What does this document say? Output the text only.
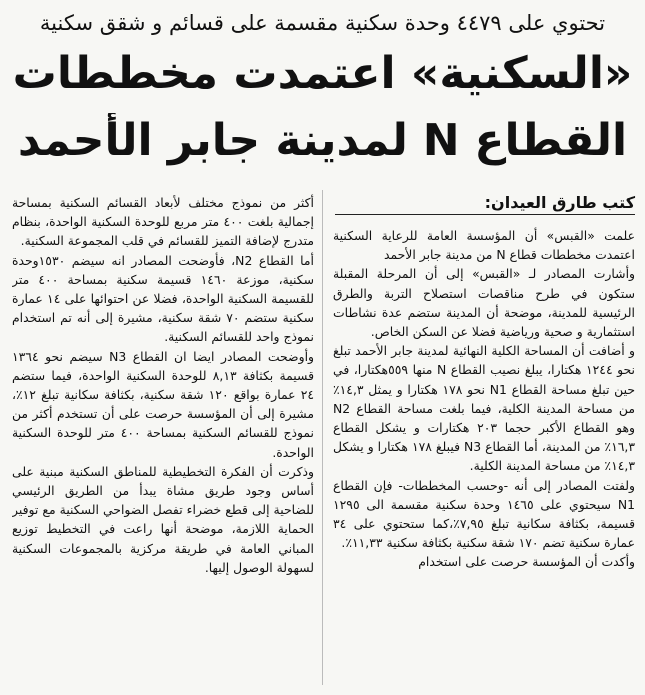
تحتوي على ٤٤٧٩ وحدة سكنية مقسمة على قسائم و شقق سكنية
«السكنية» اعتمدت مخططات
القطاع N لمدينة جابر الأحمد
كتب طارق العيدان:

علمت «القبس» أن المؤسسة العامة للرعاية السكنية اعتمدت مخططات قطاع N من مدينة جابر الأحمد

وأشارت المصادر لـ «القبس» إلى أن المرحلة المقبلة ستكون في طرح مناقصات استصلاح التربة والطرق الرئيسية للمدينة، موضحة أن المدينة ستضم عدة نشاطات استثمارية و صحية ورياضية فضلا عن السكن الخاص.

و أضافت أن المساحة الكلية النهائية لمدينة جابر الأحمد تبلغ نحو ١٢٤٤ هكتارا، يبلغ نصيب القطاع N منها ٥٥٩هكتارا، في حين تبلغ مساحة القطاع N1 نحو ١٧٨ هكتارا و يمثل ١٤,٣٪ من مساحة المدينة الكلية، فيما بلغت مساحة القطاع N2 وهو القطاع الأكبر حجما ٢٠٣ هكتارات و يشكل القطاع ١٦,٣٪ من المدينة، أما القطاع N3 فيبلغ ١٧٨ هكتارا و يشكل ١٤,٣٪ من مساحة المدينة الكلية.

ولفتت المصادر إلى أنه -وحسب المخططات- فإن القطاع N1 سيحتوي على ١٤٦٥ وحدة سكنية مقسمة الى ١٢٩٥ قسيمة، بكثافة سكانية تبلغ ٧,٩٥٪،كما ستحتوي على ٣٤ عمارة سكنية تضم ١٧٠ شقة سكنية بكثافة سكنية ١١,٣٣٪.

وأكدت أن المؤسسة حرصت على استخدام

أكثر من نموذج مختلف لأبعاد القسائم السكنية بمساحة إجمالية بلغت ٤٠٠ متر مربع للوحدة السكنية الواحدة، بنظام متدرج لإضافة التميز للقسائم في قلب المجموعة السكنية.

أما القطاع N2، فأوضحت المصادر انه سيضم ١٥٣٠وحدة سكنية، موزعة ١٤٦٠ قسيمة سكنية بمساحة ٤٠٠ متر للقسيمة السكنية الواحدة، فضلا عن احتوائها على ١٤ عمارة سكنية ستضم ٧٠ شقة سكنية، مشيرة إلى أنه تم استخدام نموذج واحد للقسائم السكنية.

وأوضحت المصادر ايضا ان القطاع N3 سيضم نحو ١٣٦٤ قسيمة بكثافة ٨,١٣ للوحدة السكنية الواحدة، فيما ستضم ٢٤ عمارة بواقع ١٢٠ شقة سكنية، بكثافة سكانية تبلغ ١٢٪، مشيرة إلى أن المؤسسة حرصت على أن تستخدم أكثر من نموذج للقسائم السكنية بمساحة ٤٠٠ متر للوحدة السكنية الواحدة.

وذكرت أن الفكرة التخطيطية للمناطق السكنية مبنية على أساس وجود طريق مشاة يبدأ من الطريق الرئيسي للضاحية إلى قطع خضراء تفصل الضواحي السكنية مع توفير الحماية اللازمة، موضحة أنها راعت في التخطيط توزيع المباني العامة في طريقة مركزية بالمجموعات السكنية لسهولة الوصول إليها.
